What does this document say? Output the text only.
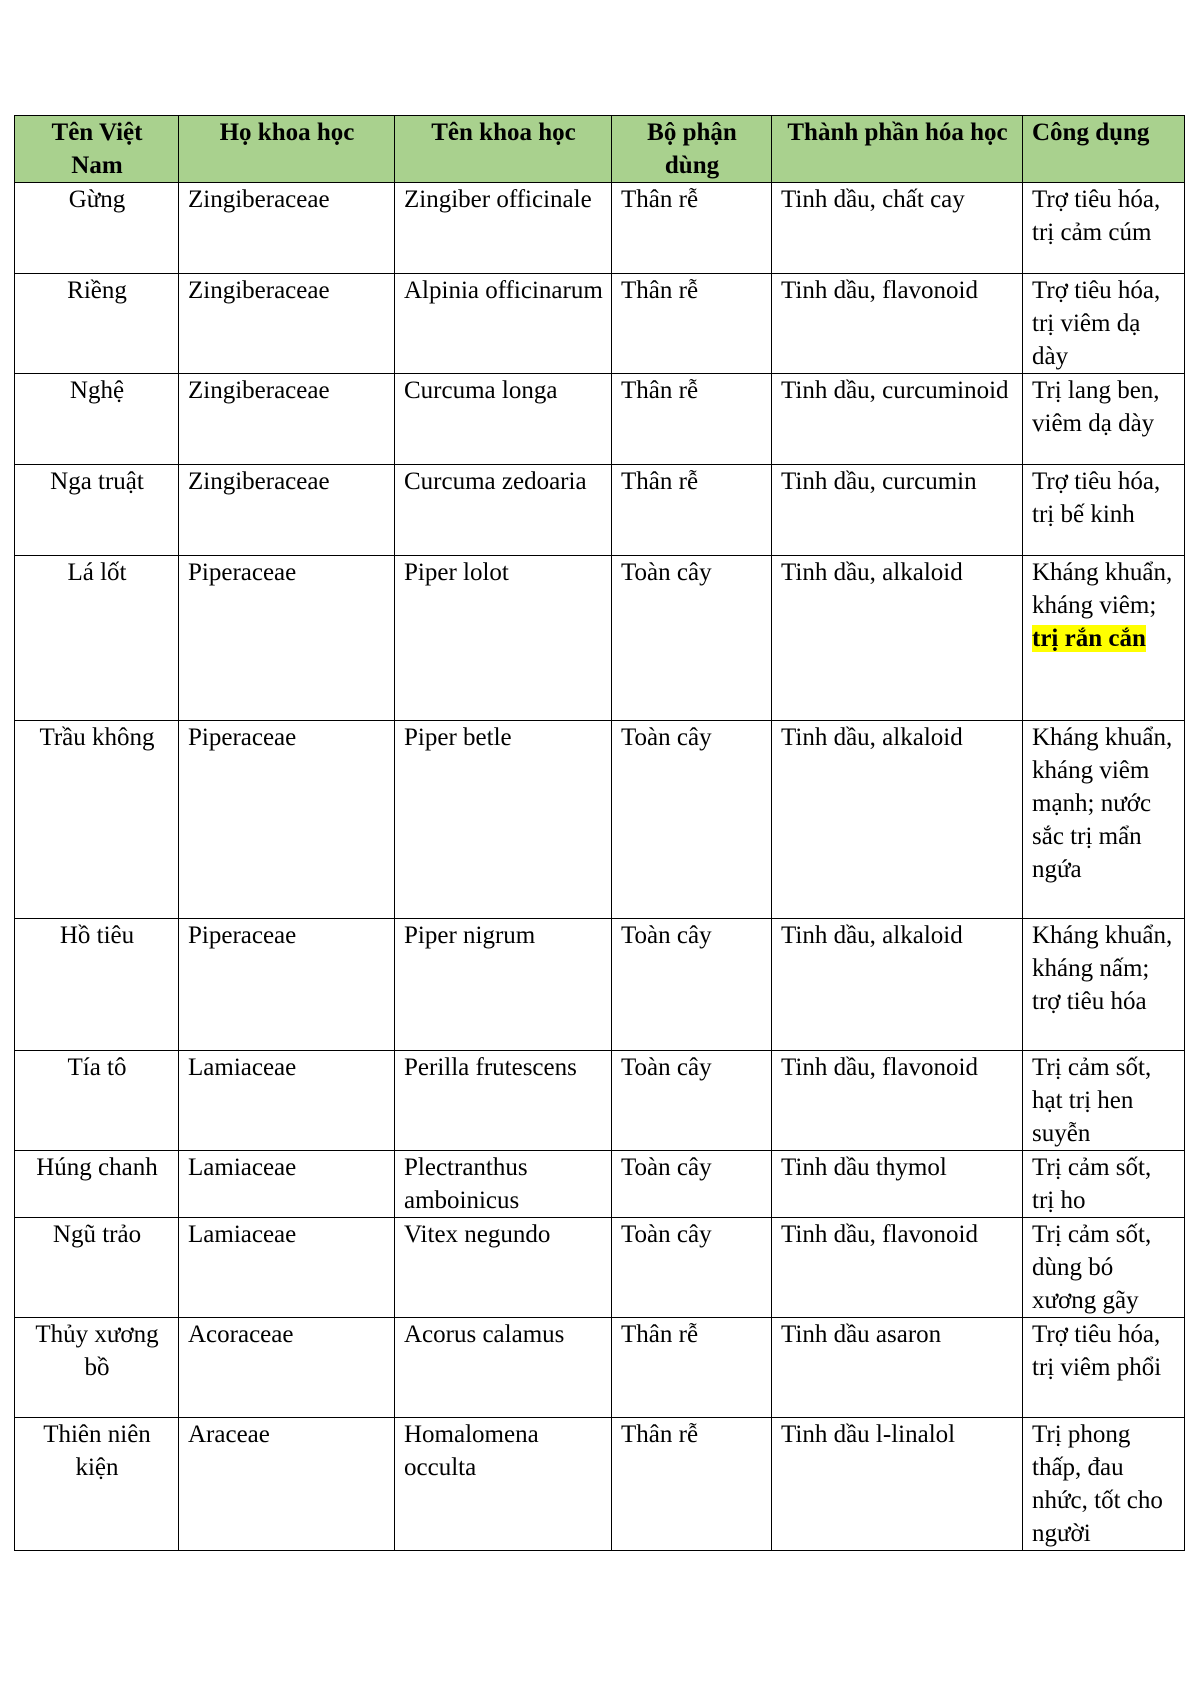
Tên Việt Nam	Họ khoa học	Tên khoa học	Bộ phận dùng	Thành phần hóa học	Công dụng
Gừng	Zingiberaceae	Zingiber officinale	Thân rễ	Tinh dầu, chất cay	Trợ tiêu hóa, trị cảm cúm
Riềng	Zingiberaceae	Alpinia officinarum	Thân rễ	Tinh dầu, flavonoid	Trợ tiêu hóa, trị viêm dạ dày
Nghệ	Zingiberaceae	Curcuma longa	Thân rễ	Tinh dầu, curcuminoid	Trị lang ben, viêm dạ dày
Nga truật	Zingiberaceae	Curcuma zedoaria	Thân rễ	Tinh dầu, curcumin	Trợ tiêu hóa, trị bế kinh
Lá lốt	Piperaceae	Piper lolot	Toàn cây	Tinh dầu, alkaloid	Kháng khuẩn, kháng viêm; trị rắn cắn
Trầu không	Piperaceae	Piper betle	Toàn cây	Tinh dầu, alkaloid	Kháng khuẩn, kháng viêm mạnh; nước sắc trị mẩn ngứa
Hồ tiêu	Piperaceae	Piper nigrum	Toàn cây	Tinh dầu, alkaloid	Kháng khuẩn, kháng nấm; trợ tiêu hóa
Tía tô	Lamiaceae	Perilla frutescens	Toàn cây	Tinh dầu, flavonoid	Trị cảm sốt, hạt trị hen suyễn
Húng chanh	Lamiaceae	Plectranthus amboinicus	Toàn cây	Tinh dầu thymol	Trị cảm sốt, trị ho
Ngũ trảo	Lamiaceae	Vitex negundo	Toàn cây	Tinh dầu, flavonoid	Trị cảm sốt, dùng bó xương gãy
Thủy xương bồ	Acoraceae	Acorus calamus	Thân rễ	Tinh dầu asaron	Trợ tiêu hóa, trị viêm phổi
Thiên niên kiện	Araceae	Homalomena occulta	Thân rễ	Tinh dầu l-linalol	Trị phong thấp, đau nhức, tốt cho người
